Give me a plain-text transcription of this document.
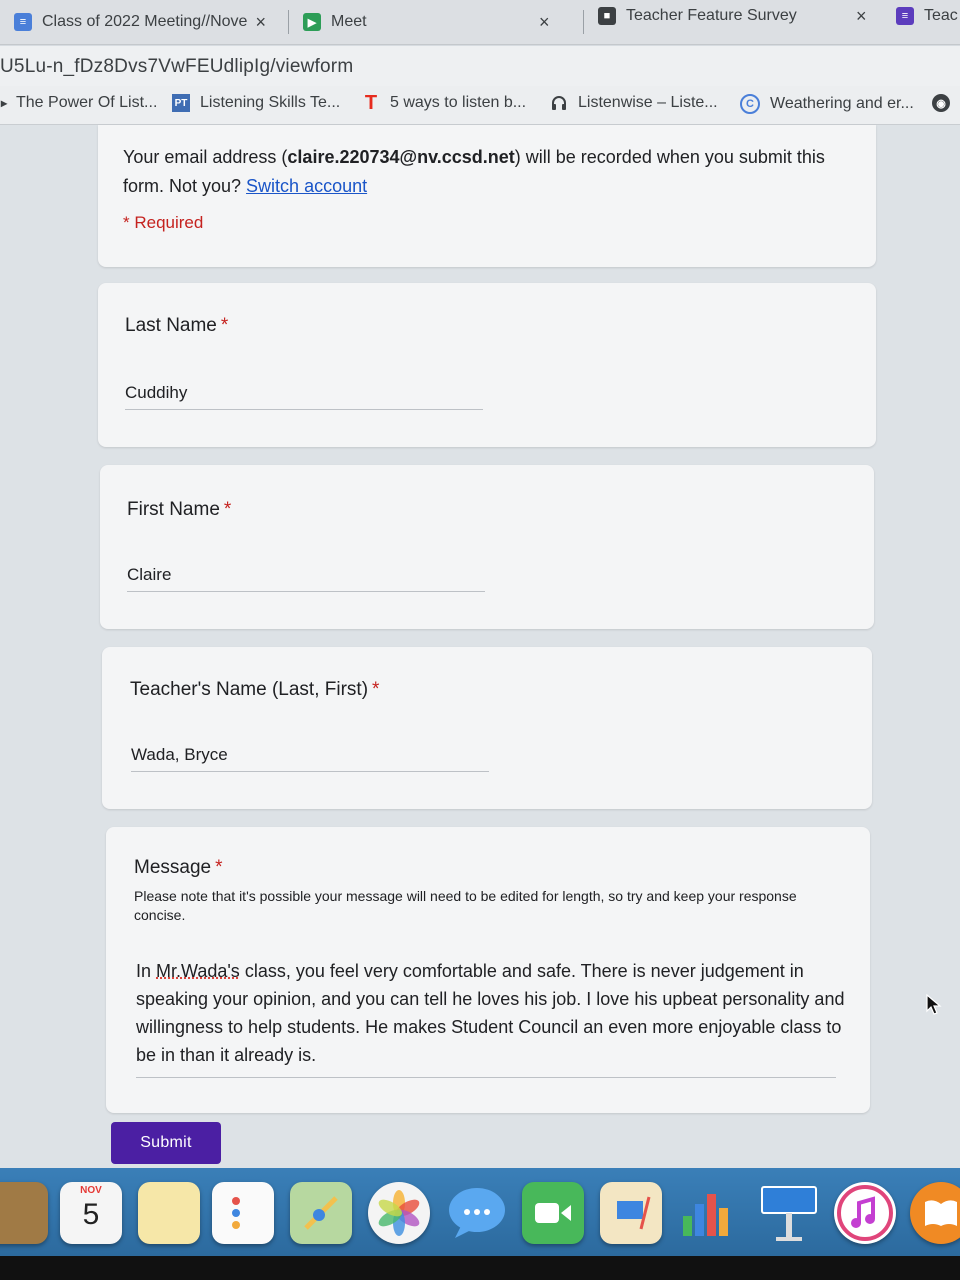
≡ Class of 2022 Meeting//Nove ×	▶ Meet	×	■ Teacher Feature Survey	×	≡ Teac
U5Lu-n_fDz8Dvs7VwFEUdlipIg/viewform
▸ The Power Of List... PT Listening Skills Te... T 5 ways to listen b...	Listenwise – Liste...	C	Weathering and er...	◉
Your email address (claire.220734@nv.ccsd.net) will be recorded when you submit this form. Not you? Switch account
* Required
Last Name *
Cuddihy
First Name *
Claire
Teacher's Name (Last, First) *
Wada, Bryce
Message *
Please note that it's possible your message will need to be edited for length, so try and keep your response concise.
In Mr.Wada's class, you feel very comfortable and safe. There is never judgement in speaking your opinion, and you can tell he loves his job. I love his upbeat personality and willingness to help students. He makes Student Council an even more enjoyable class to be in than it already is.
Submit
NOV
5
